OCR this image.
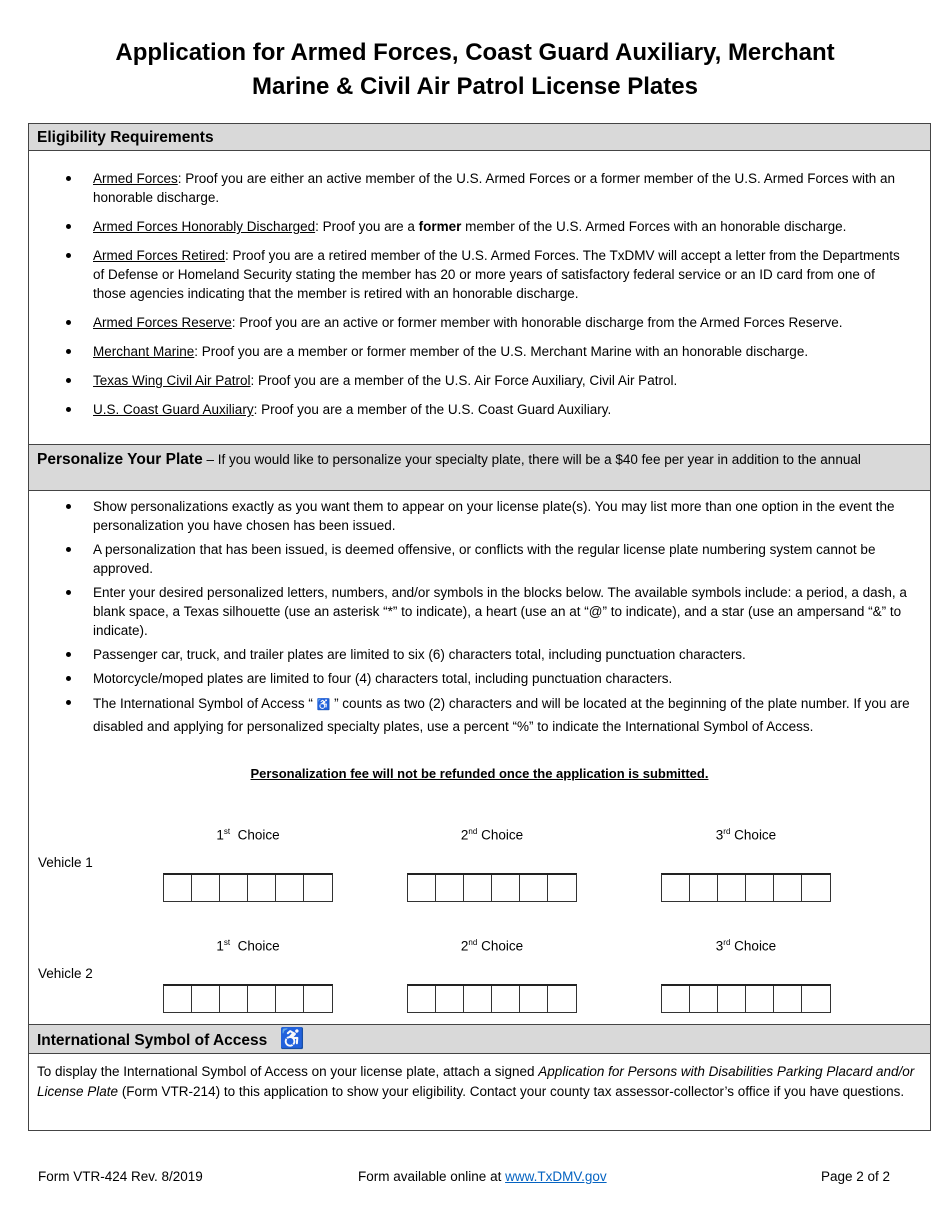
Application for Armed Forces, Coast Guard Auxiliary, Merchant
Marine & Civil Air Patrol License Plates
Eligibility Requirements
Armed Forces: Proof you are either an active member of the U.S. Armed Forces or a former member of the U.S. Armed Forces with an honorable discharge.
Armed Forces Honorably Discharged: Proof you are a former member of the U.S. Armed Forces with an honorable discharge.
Armed Forces Retired: Proof you are a retired member of the U.S. Armed Forces. The TxDMV will accept a letter from the Departments of Defense or Homeland Security stating the member has 20 or more years of satisfactory federal service or an ID card from one of those agencies indicating that the member is retired with an honorable discharge.
Armed Forces Reserve: Proof you are an active or former member with honorable discharge from the Armed Forces Reserve.
Merchant Marine: Proof you are a member or former member of the U.S. Merchant Marine with an honorable discharge.
Texas Wing Civil Air Patrol: Proof you are a member of the U.S. Air Force Auxiliary, Civil Air Patrol.
U.S. Coast Guard Auxiliary: Proof you are a member of the U.S. Coast Guard Auxiliary.
Personalize Your Plate – If you would like to personalize your specialty plate, there will be a $40 fee per year in addition to the annual
Show personalizations exactly as you want them to appear on your license plate(s). You may list more than one option in the event the personalization you have chosen has been issued.
A personalization that has been issued, is deemed offensive, or conflicts with the regular license plate numbering system cannot be approved.
Enter your desired personalized letters, numbers, and/or symbols in the blocks below. The available symbols include: a period, a dash, a blank space, a Texas silhouette (use an asterisk “*” to indicate), a heart (use an at “@” to indicate), and a star (use an ampersand “&” to indicate).
Passenger car, truck, and trailer plates are limited to six (6) characters total, including punctuation characters.
Motorcycle/moped plates are limited to four (4) characters total, including punctuation characters.
The International Symbol of Access “ ♿ ” counts as two (2) characters and will be located at the beginning of the plate number. If you are disabled and applying for personalized specialty plates, use a percent “%” to indicate the International Symbol of Access.
Personalization fee will not be refunded once the application is submitted.
Vehicle 1
1st  Choice	2nd Choice	3rd Choice
Vehicle 2
1st  Choice	2nd Choice	3rd Choice
International Symbol of Access ♿
To display the International Symbol of Access on your license plate, attach a signed Application for Persons with Disabilities Parking Placard and/or License Plate (Form VTR-214) to this application to show your eligibility. Contact your county tax assessor-collector’s office if you have questions.
Form VTR-424 Rev. 8/2019	Form available online at www.TxDMV.gov	Page 2 of 2
